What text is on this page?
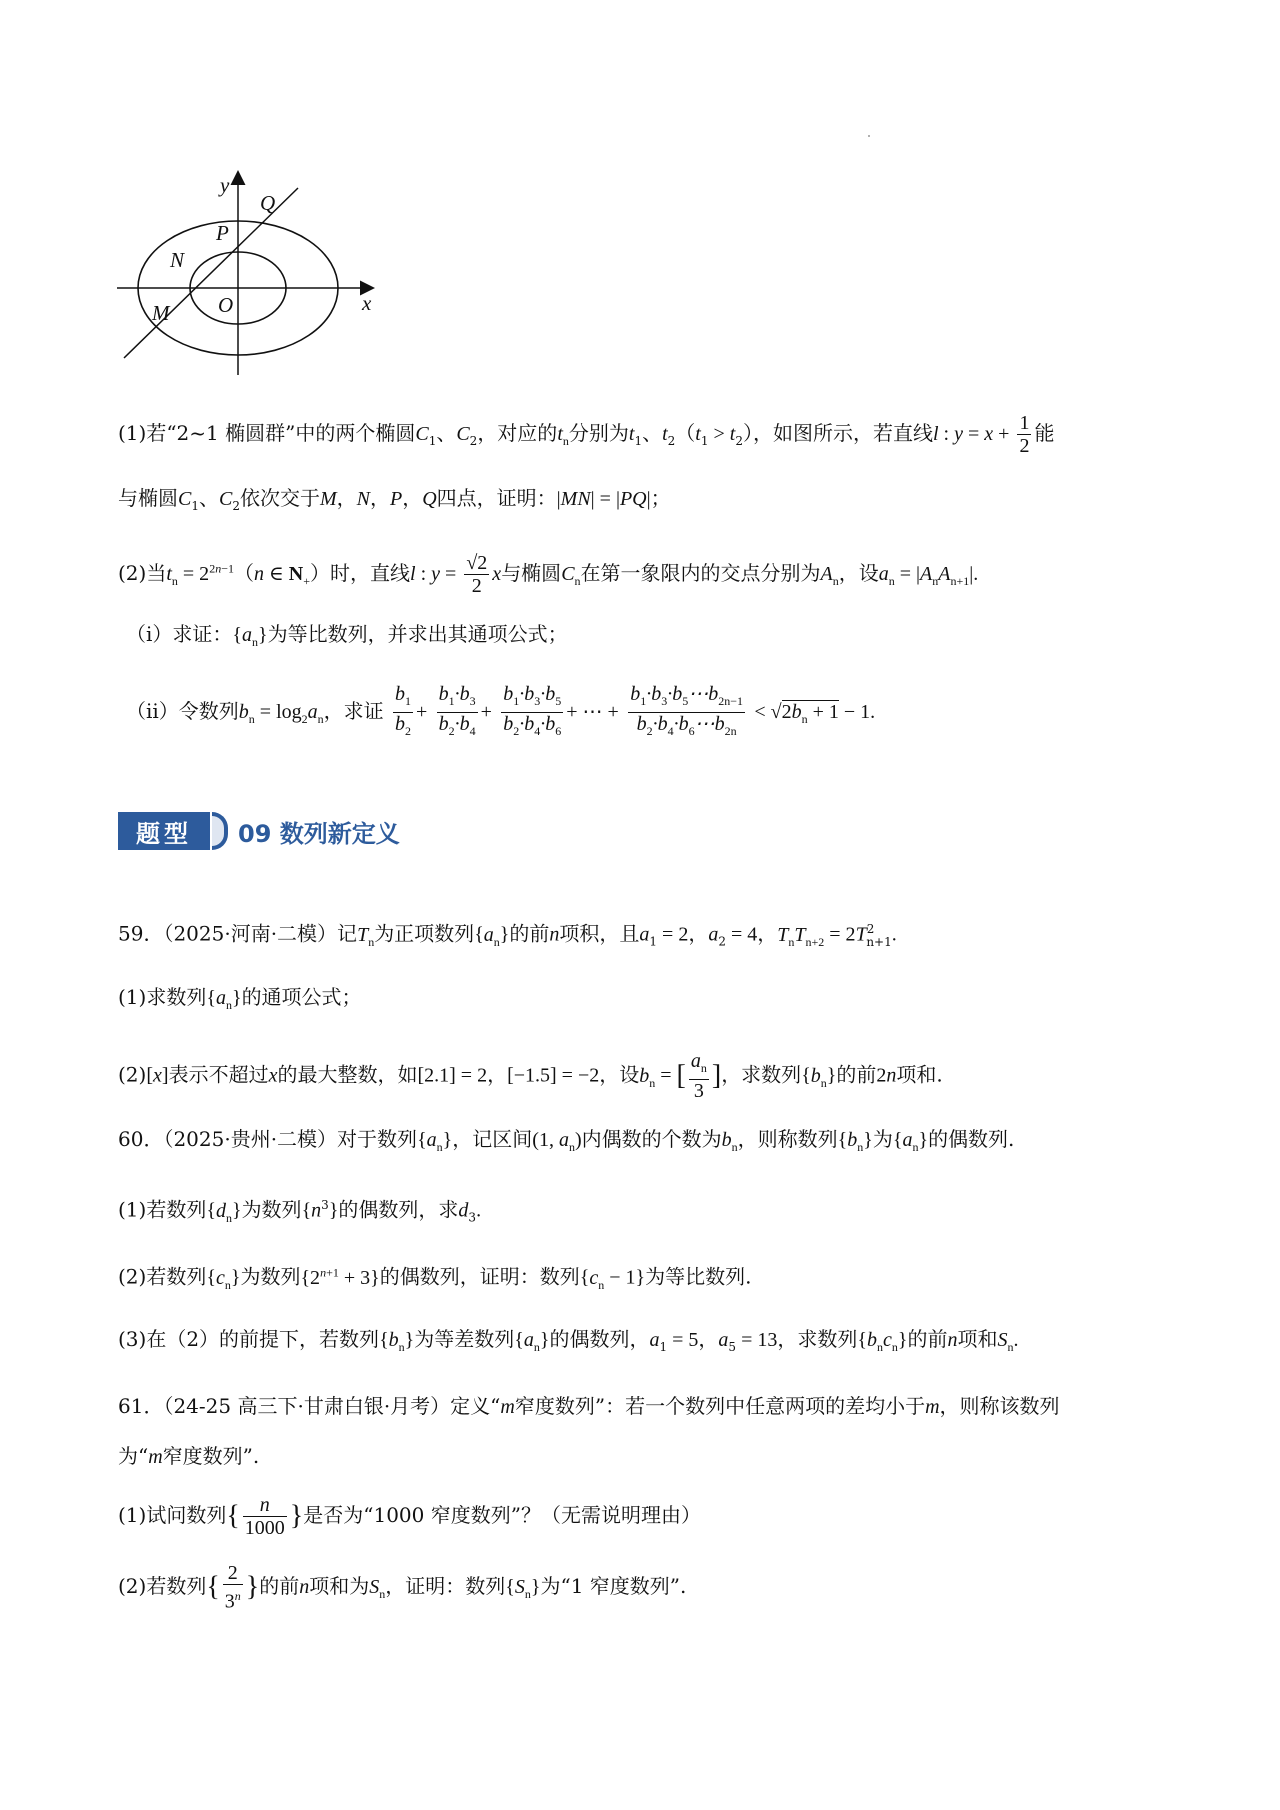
y
x
O
Q
P
N
M
(1)若“2~1 椭圆群”中的两个椭圆$C_1$、$C_2$，对应的$t_n$分别为$t_1$、$t_2(t_1 > t_2)$，如图所示，若直线l : $y = x + \frac{1}{2}$ 能
与椭圆$C_1$、$C_2$依次交于M，N，P，Q四点，证明：|MN| = |PQ|；
(2)当$t_n = 2^{2n-1}(n$ ∈ $N_+$）时，直线l : $y = \frac{√2}{2}$ x与椭圆$C_n$在第一象限内的交点分别为$A_n$，设$a_n = |A_nA_{n+1}|$.
（i）求证：$\{a_n\}$为等比数列，并求出其通项公式；
（ii）令数列$b_n = \log_2a_n$，求证 $\frac{b_1}{b_2} + \frac{b_1\cdot b_3}{b_2\cdot b_4} + \frac{b_1\cdot b_3\cdot b_5}{b_2\cdot b_4\cdot b_6}$ + ⋯ + $\frac{b_1\cdot b_3\cdot b_5\cdots b_{2n-1}}{b_2\cdot b_4\cdot b_6\cdots b_{2n}} < √2b_n + 1 - 1$.
题型	09 数列新定义
59．（2025·河南·二模）记$T_n$为正项数列$\{a_n\}$的前n项积，且$a_1 = 2$，$a_2 = 4$，$T_nT_{n+2} = 2T^2_{n+1}$.
(1)求数列$\{a_n\}$的通项公式；
(2)[x]表示不超过x的最大整数，如[2.1] = 2，[−1.5] = −2，设$b_n$ = [ $\frac{a_n}{3}$ ]，求数列$\{b_n\}$的前2n项和.
60．（2025·贵州·二模）对于数列$\{a_n\}$，记区间(1, $a_n$)内偶数的个数为$b_n$，则称数列$\{b_n\}$为$\{a_n\}$的偶数列.
(1)若数列$\{d_n\}$为数列$\{n^3\}$的偶数列，求$d_3$.
(2)若数列$\{c_n\}$为数列$\{2^{n+1} + 3\}$的偶数列，证明：数列$\{c_n - 1\}$为等比数列.
(3)在（2）的前提下，若数列$\{b_n\}$为等差数列$\{a_n\}$的偶数列，$a_1 = 5$，$a_5 = 13$，求数列$\{b_nc_n\}$的前n项和$S_n$.
61．（24-25 高三下·甘肃白银·月考）定义“m窄度数列”：若一个数列中任意两项的差均小于m，则称该数列
为“m窄度数列”.
(1)试问数列{ $\frac{n}{1000}$ }是否为“1000 窄度数列”？（无需说明理由）
(2)若数列{ $\frac{2}{3^n}$ }的前n项和为$S_n$，证明：数列$\{S_n\}$为“1 窄度数列”.
